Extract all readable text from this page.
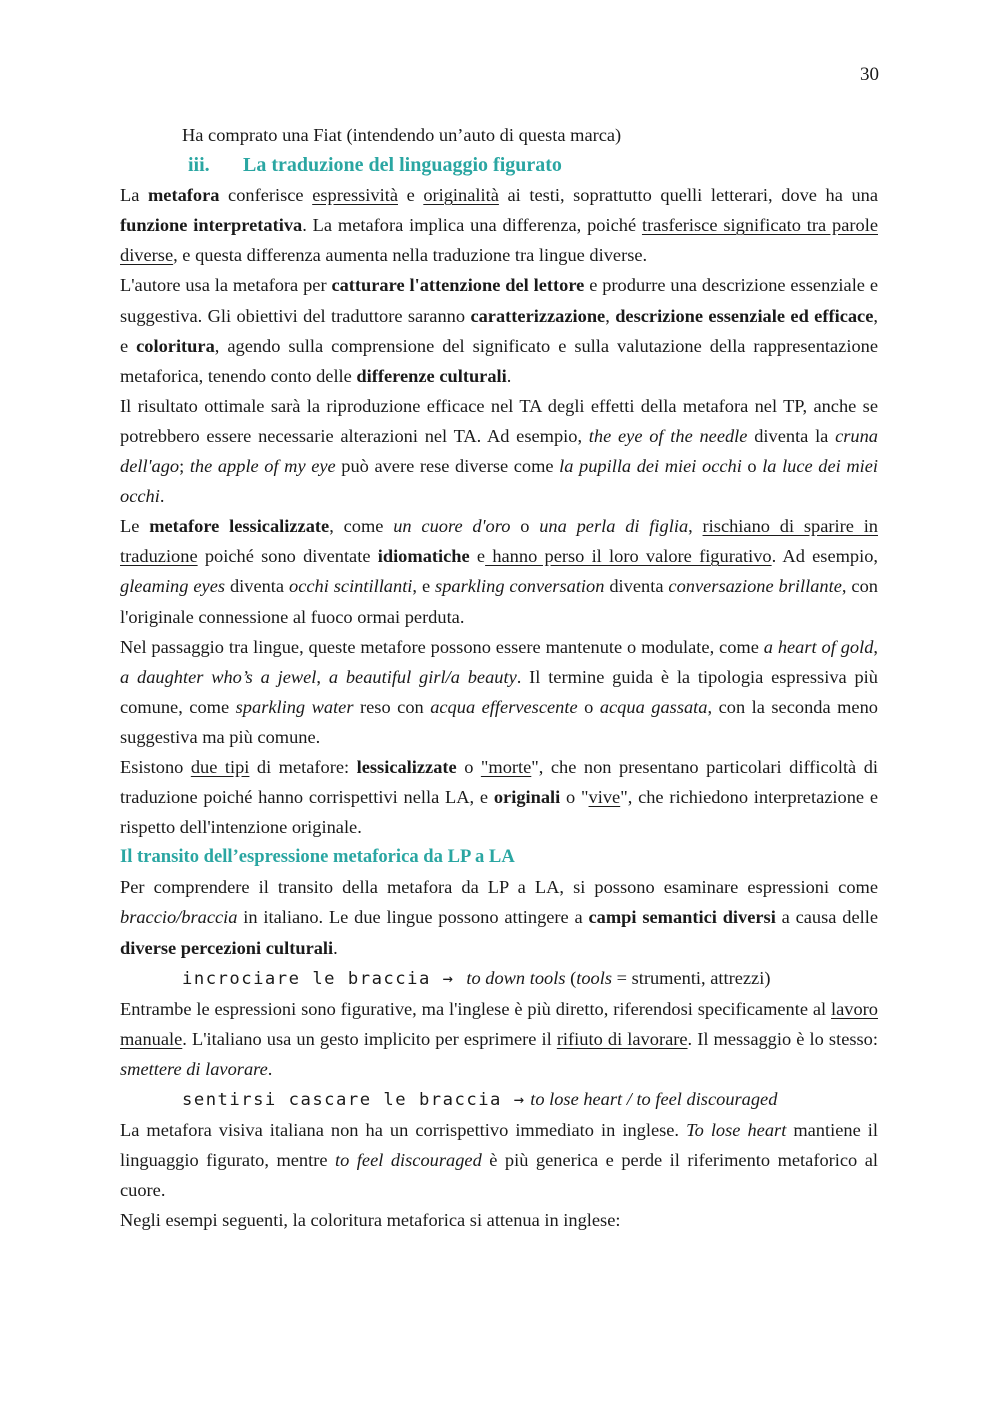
30

Ha comprato una Fiat (intendendo un’auto di questa marca)

iii. La traduzione del linguaggio figurato

La metafora conferisce espressività e originalità ai testi, soprattutto quelli letterari, dove ha una funzione interpretativa. La metafora implica una differenza, poiché trasferisce significato tra parole diverse, e questa differenza aumenta nella traduzione tra lingue diverse.

L'autore usa la metafora per catturare l'attenzione del lettore e produrre una descrizione essenziale e suggestiva. Gli obiettivi del traduttore saranno caratterizzazione, descrizione essenziale ed efficace, e coloritura, agendo sulla comprensione del significato e sulla valutazione della rappresentazione metaforica, tenendo conto delle differenze culturali.

Il risultato ottimale sarà la riproduzione efficace nel TA degli effetti della metafora nel TP, anche se potrebbero essere necessarie alterazioni nel TA. Ad esempio, the eye of the needle diventa la cruna dell'ago; the apple of my eye può avere rese diverse come la pupilla dei miei occhi o la luce dei miei occhi.

Le metafore lessicalizzate, come un cuore d'oro o una perla di figlia, rischiano di sparire in traduzione poiché sono diventate idiomatiche e hanno perso il loro valore figurativo. Ad esempio, gleaming eyes diventa occhi scintillanti, e sparkling conversation diventa conversazione brillante, con l'originale connessione al fuoco ormai perduta.

Nel passaggio tra lingue, queste metafore possono essere mantenute o modulate, come a heart of gold, a daughter who’s a jewel, a beautiful girl/a beauty. Il termine guida è la tipologia espressiva più comune, come sparkling water reso con acqua effervescente o acqua gassata, con la seconda meno suggestiva ma più comune.

Esistono due tipi di metafore: lessicalizzate o "morte", che non presentano particolari difficoltà di traduzione poiché hanno corrispettivi nella LA, e originali o "vive", che richiedono interpretazione e rispetto dell'intenzione originale.

Il transito dell’espressione metaforica da LP a LA

Per comprendere il transito della metafora da LP a LA, si possono esaminare espressioni come braccio/braccia in italiano. Le due lingue possono attingere a campi semantici diversi a causa delle diverse percezioni culturali.

incrociare le braccia → to down tools (tools = strumenti, attrezzi)

Entrambe le espressioni sono figurative, ma l'inglese è più diretto, riferendosi specificamente al lavoro manuale. L'italiano usa un gesto implicito per esprimere il rifiuto di lavorare. Il messaggio è lo stesso: smettere di lavorare.

sentirsi cascare le braccia → to lose heart / to feel discouraged

La metafora visiva italiana non ha un corrispettivo immediato in inglese. To lose heart mantiene il linguaggio figurato, mentre to feel discouraged è più generica e perde il riferimento metaforico al cuore.

Negli esempi seguenti, la coloritura metaforica si attenua in inglese:
